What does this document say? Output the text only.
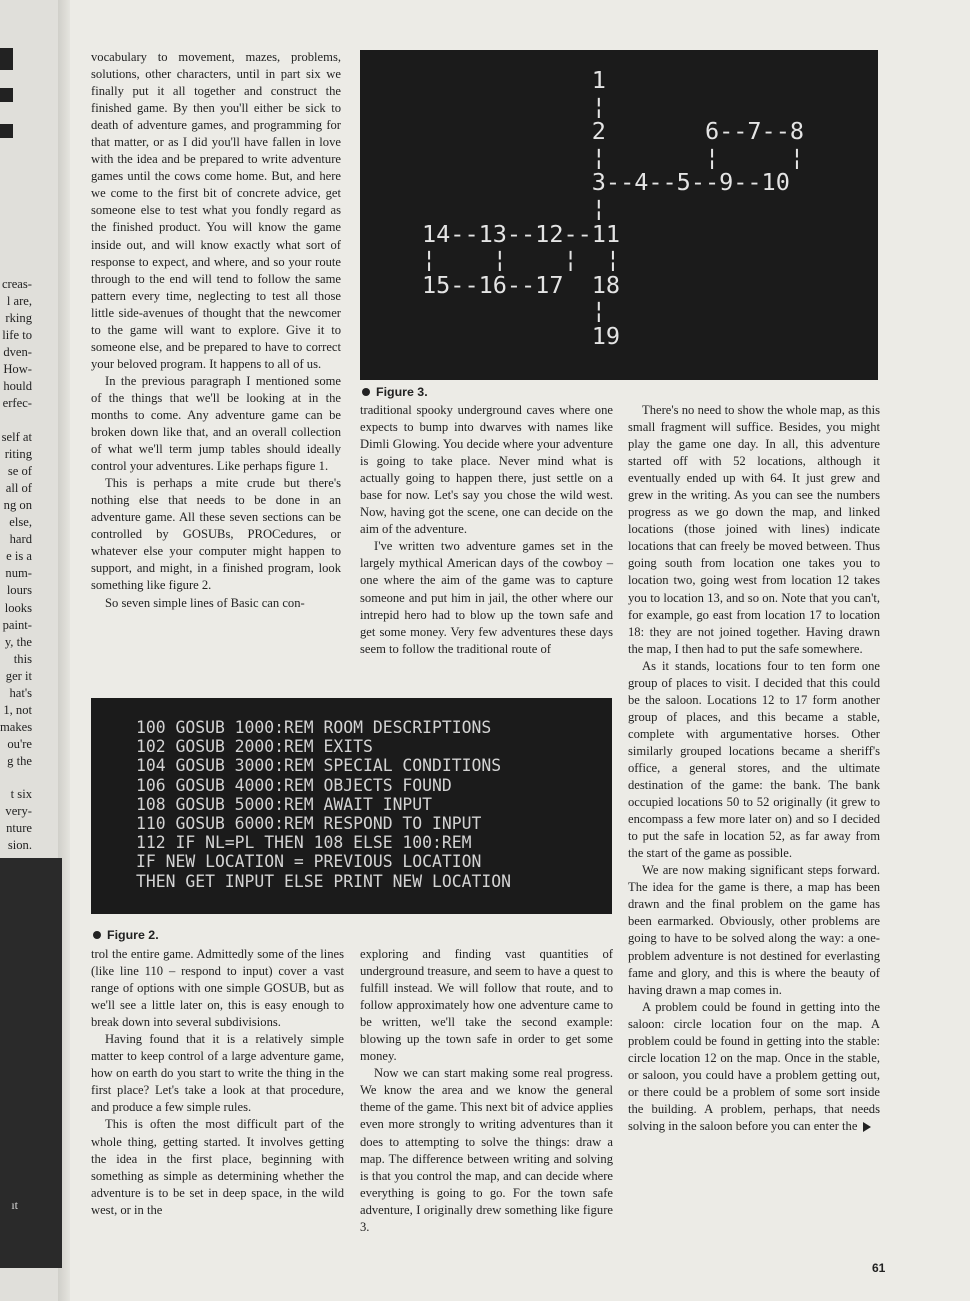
creas-
l are,
rking
life to
dven-
How-
hould
erfec-
self at
riting
se of
all of
ng on
else,
hard
e is a
num-
lours
looks
paint-
y, the
this
ger it
hat's
1, not
makes
ou're
g the
t six
very-
nture
sion.
ıt

vocabulary to movement, mazes, problems, solutions, other characters, until in part six we finally put it all together and construct the finished game. By then you'll either be sick to death of adventure games, and programming for that matter, or as I did you'll have fallen in love with the idea and be prepared to write adventure games until the cows come home. But, and here we come to the first bit of concrete advice, get someone else to test what you fondly regard as the finished product. You will know the game inside out, and will know exactly what sort of response to expect, and where, and so your route through to the end will tend to follow the same pattern every time, neglecting to test all those little side-avenues of thought that the newcomer to the game will want to explore. Give it to someone else, and be prepared to have to correct your beloved program. It happens to all of us.

In the previous paragraph I mentioned some of the things that we'll be looking at in the months to come. Any adventure game can be broken down like that, and an overall collection of what we'll term jump tables should ideally control your adventures. Like perhaps figure 1.

This is perhaps a mite crude but there's nothing else that needs to be done in an adventure game. All these seven sections can be controlled by GOSUBs, PROCedures, or whatever else your computer might happen to support, and might, in a finished program, look something like figure 2.

So seven simple lines of Basic can con-

trol the entire game. Admittedly some of the lines (like line 110 – respond to input) cover a vast range of options with one simple GOSUB, but as we'll see a little later on, this is easy enough to break down into several subdivisions.

Having found that it is a relatively simple matter to keep control of a large adventure game, how on earth do you start to write the thing in the first place? Let's take a look at that procedure, and produce a few simple rules.

This is often the most difficult part of the whole thing, getting started. It involves getting the idea in the first place, beginning with something as simple as determining whether the adventure is to be set in deep space, in the wild west, or in the

traditional spooky underground caves where one expects to bump into dwarves with names like Dimli Glowing. You decide where your adventure is going to take place. Never mind what is actually going to happen there, just settle on a base for now. Let's say you chose the wild west. Now, having got the scene, one can decide on the aim of the adventure.

I've written two adventure games set in the largely mythical American days of the cowboy – one where the aim of the game was to capture someone and put him in jail, the other where our intrepid hero had to blow up the town safe and get some money. Very few adventures these days seem to follow the traditional route of

exploring and finding vast quantities of underground treasure, and seem to have a quest to fulfill instead. We will follow that route, and to follow approximately how one adventure came to be written, we'll take the second example: blowing up the town safe in order to get some money.

Now we can start making some real progress. We know the area and we know the general theme of the game. This next bit of advice applies even more strongly to writing adventures than it does to attempting to solve the things: draw a map. The difference between writing and solving is that you control the map, and can decide where everything is going to go. For the town safe adventure, I originally drew something like figure 3.

There's no need to show the whole map, as this small fragment will suffice. Besides, you might play the game one day. In all, this adventure started off with 52 locations, although it eventually ended up with 64. It just grew and grew in the writing. As you can see the numbers progress as we go down the map, and linked locations (those joined with lines) indicate locations that can freely be moved between. Thus going south from location one takes you to location two, going west from location 12 takes you to location 13, and so on. Note that you can't, for example, go east from location 17 to location 18: they are not joined together. Having drawn the map, I then had to put the safe somewhere.

As it stands, locations four to ten form one group of places to visit. I decided that this could be the saloon. Locations 12 to 17 form another group of places, and this became a stable, complete with argumentative horses. Other similarly grouped locations became a sheriff's office, a general stores, and the ultimate destination of the game: the bank. The bank occupied locations 50 to 52 originally (it grew to encompass a few more later on) and so I decided to put the safe in location 52, as far away from the start of the game as possible.

We are now making significant steps forward. The idea for the game is there, a map has been drawn and the final problem on the game has been earmarked. Obviously, other problems are going to have to be solved along the way: a one-problem adventure is not destined for everlasting fame and glory, and this is where the beauty of having drawn a map comes in.

A problem could be found in getting into the saloon: circle location four on the map. A problem could be found in getting into the stable: circle location 12 on the map. Once in the stable, or saloon, you could have a problem getting out, or there could be a problem of some sort inside the building. A problem, perhaps, that needs solving in the saloon before you can enter the

1
¦
2       6--7--8
¦       ¦     ¦
3--4--5--9--10
¦
14--13--12--11
¦    ¦    ¦  ¦
15--16--17  18
¦
19
Figure 3.
100 GOSUB 1000:REM ROOM DESCRIPTIONS
102 GOSUB 2000:REM EXITS
104 GOSUB 3000:REM SPECIAL CONDITIONS
106 GOSUB 4000:REM OBJECTS FOUND
108 GOSUB 5000:REM AWAIT INPUT
110 GOSUB 6000:REM RESPOND TO INPUT
112 IF NL=PL THEN 108 ELSE 100:REM
IF NEW LOCATION = PREVIOUS LOCATION
THEN GET INPUT ELSE PRINT NEW LOCATION
Figure 2.
61
